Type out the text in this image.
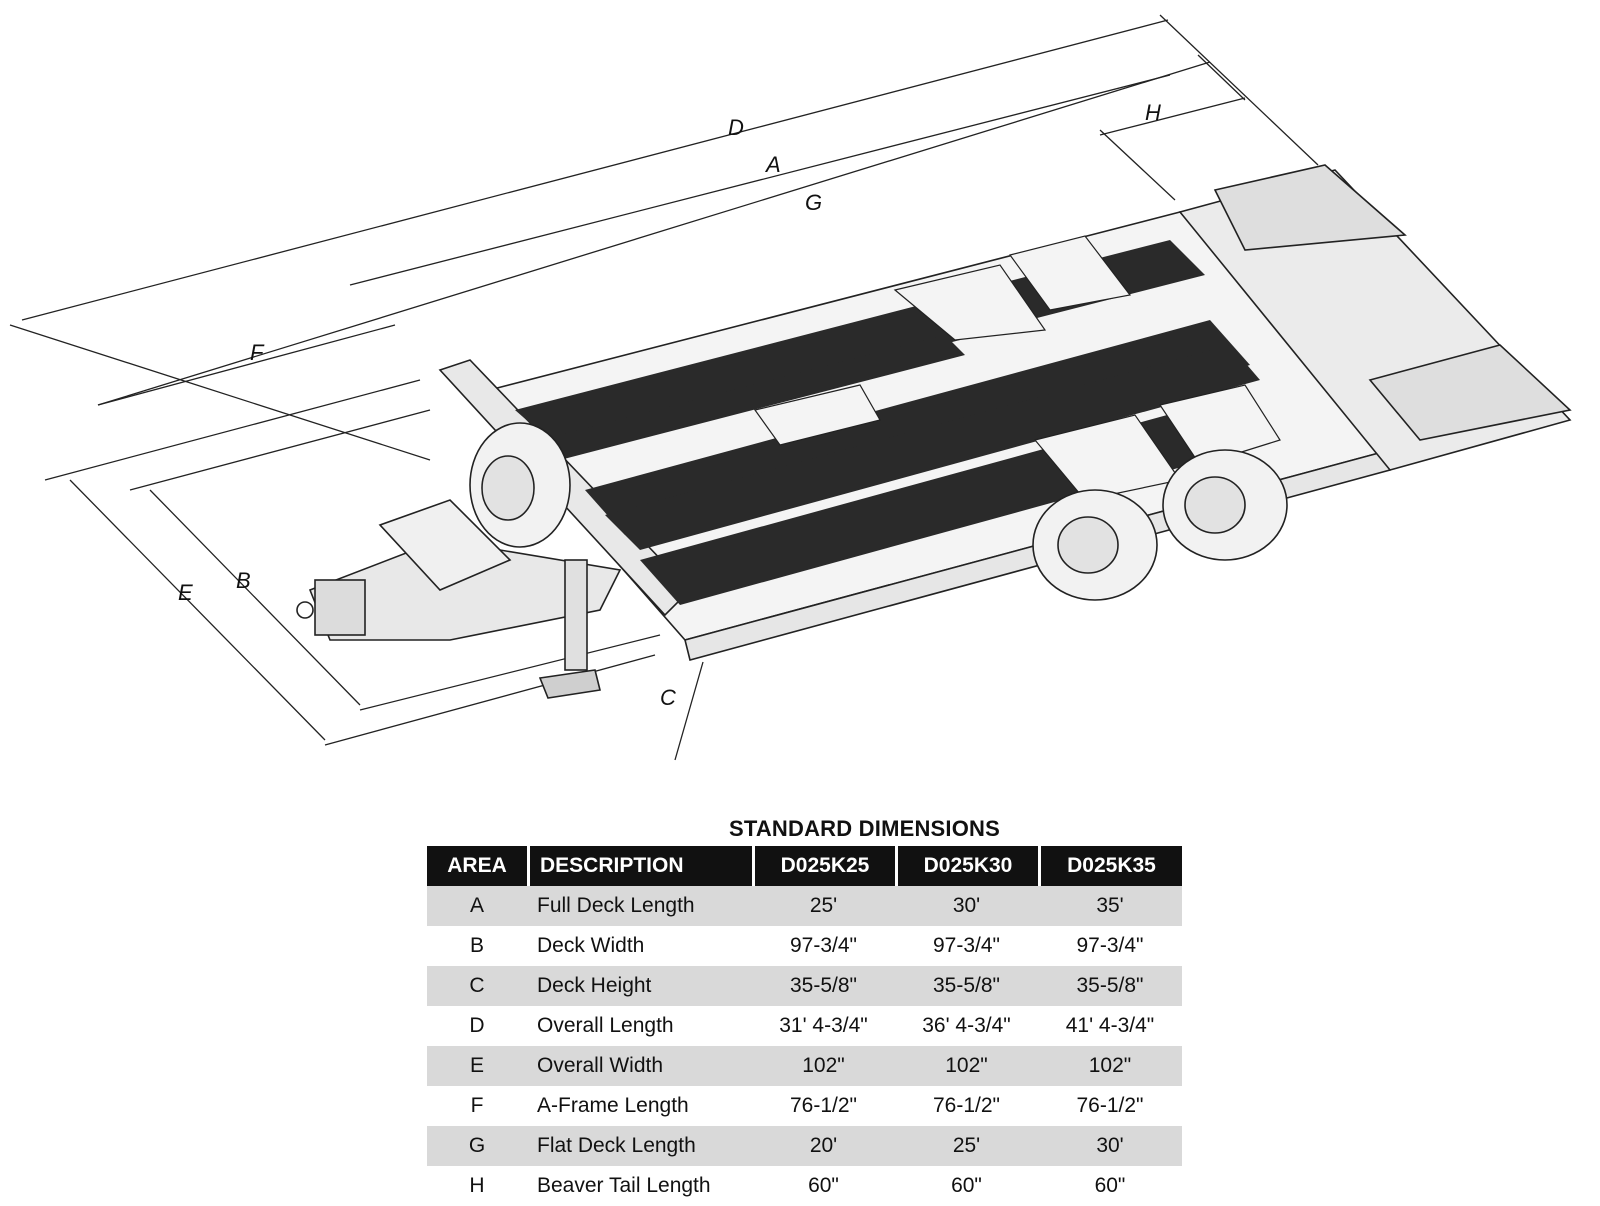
D
A
G
H
F
E B
C
STANDARD DIMENSIONS
AREA	DESCRIPTION	D025K25	D025K30	D025K35
A	Full Deck Length	25'	30'	35'
B	Deck Width	97-3/4"	97-3/4"	97-3/4"
C	Deck Height	35-5/8"	35-5/8"	35-5/8"
D	Overall Length	31' 4-3/4"	36' 4-3/4"	41' 4-3/4"
E	Overall Width	102"	102"	102"
F	A-Frame Length	76-1/2"	76-1/2"	76-1/2"
G	Flat Deck Length	20'	25'	30'
H	Beaver Tail Length	60"	60"	60"
